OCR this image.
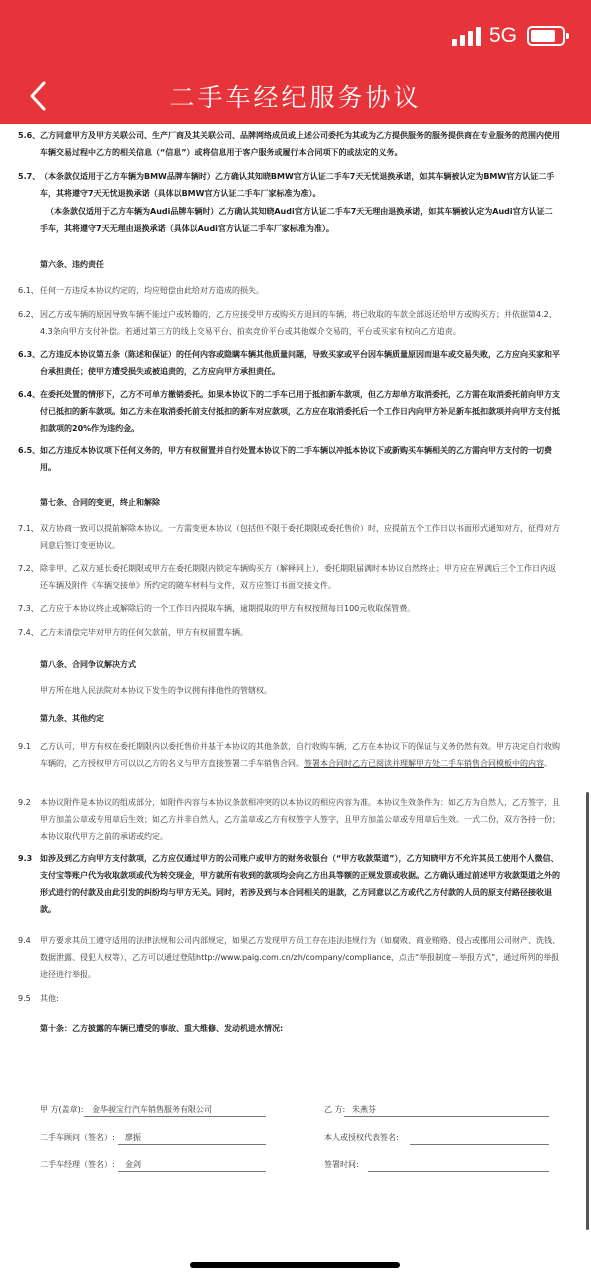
5G
二手车经纪服务协议
5.6、 乙方同意甲方及甲方关联公司、生产厂商及其关联公司、品牌网络成员或上述公司委托为其或为乙方提供服务的服务提供商在专业服务的范围内使用车辆交易过程中乙方的相关信息（“信息”）或将信息用于客户服务或履行本合同项下的或法定的义务。
5.7、 （本条款仅适用于乙方车辆为BMW品牌车辆时）乙方确认其知晓BMW官方认证二手车7天无忧退换承诺，如其车辆被认定为BMW官方认证二手车，其将遵守7天无忧退换承诺（具体以BMW官方认证二手车厂家标准为准）。
（本条款仅适用于乙方车辆为Audi品牌车辆时）乙方确认其知晓Audi官方认证二手车7天无理由退换承诺，如其车辆被认定为Audi官方认证二手车，其将遵守7天无理由退换承诺（具体以Audi官方认证二手车厂家标准为准）。
第六条、违约责任
6.1、 任何一方违反本协议约定的，均应赔偿由此给对方造成的损失。
6.2、 因乙方或车辆的原因导致车辆不能过户或转籍的，乙方应接受甲方或购买方退回的车辆，将已收取的车款全部返还给甲方或购买方；并依据第4.2、4.3条向甲方支付补偿。若通过第三方的线上交易平台、拍卖竞价平台或其他媒介交易的，平台或买家有权向乙方追责。
6.3、 乙方违反本协议第五条（陈述和保证）的任何内容或隐瞒车辆其他质量问题，导致买家或平台因车辆质量原因而退车或交易失败，乙方应向买家和平台承担责任；使甲方遭受损失或被追责的，乙方应向甲方承担责任。
6.4、 在委托处置的情形下，乙方不可单方撤销委托。如果本协议下的二手车已用于抵扣新车款项，但乙方却单方取消委托，乙方需在取消委托前向甲方支付已抵扣的新车款项。如乙方未在取消委托前支付抵扣的新车对应款项，乙方应在取消委托后一个工作日内向甲方补足新车抵扣款项并向甲方支付抵扣款项的20%作为违约金。
6.5、 如乙方违反本协议项下任何义务的，甲方有权留置并自行处置本协议下的二手车辆以冲抵本协议下或新购买车辆相关的乙方需向甲方支付的一切费用。
第七条、合同的变更，终止和解除
7.1、 双方协商一致可以提前解除本协议。一方需变更本协议（包括但不限于委托期限或委托售价）时，应提前五个工作日以书面形式通知对方，征得对方同意后签订变更协议。
7.2、 除非甲、乙双方延长委托期限或甲方在委托期限内锁定车辆购买方（解释同上），委托期限届满时本协议自然终止；甲方应在界满后三个工作日内返还车辆及附件《车辆交接单》所约定的随车材料与文件，双方应签订书面交接文件。
7.3、 乙方应于本协议终止或解除后的一个工作日内提取车辆，逾期提取的甲方有权按照每日100元收取保管费。
7.4、 乙方未清偿完毕对甲方的任何欠款前，甲方有权留置车辆。
第八条、合同争议解决方式
甲方所在地人民法院对本协议下发生的争议拥有排他性的管辖权。
第九条、其他约定
9.1 乙方认可，甲方有权在委托期限内以委托售价并基于本协议的其他条款，自行收购车辆，乙方在本协议下的保证与义务仍然有效。甲方决定自行收购车辆的，乙方授权甲方可以以乙方的名义与甲方直接签署二手车销售合同。签署本合同时乙方已阅读并理解甲方处二手车销售合同模板中的内容。
9.2 本协议附件是本协议的组成部分，如附件内容与本协议条款相冲突的以本协议的相应内容为准。本协议生效条件为：如乙方为自然人，乙方签字，且甲方加盖公章或专用章后生效；如乙方并非自然人，乙方盖章或乙方有权签字人签字，且甲方加盖公章或专用章后生效。一式二份，双方各持一份；本协议取代甲方之前的承诺或约定。
9.3 如涉及到乙方向甲方支付款项，乙方应仅通过甲方的公司账户或甲方的财务收银台（“甲方收款渠道”），乙方知晓甲方不允许其员工使用个人微信、支付宝等账户代为收取款项或代为转交现金，甲方就所有收到的款项均会向乙方出具等额的正规发票或收据。乙方确认通过前述甲方收款渠道之外的形式进行的付款及由此引发的纠纷均与甲方无关。同时，若涉及到与本合同相关的退款，乙方同意以乙方或代乙方付款的人员的原支付路径接收退款。
9.4 甲方要求其员工遵守适用的法律法规和公司内部规定，如果乙方发现甲方员工存在违法违规行为（如腐败、商业贿赂、侵占或挪用公司财产、洗钱、数据泄露、侵犯人权等），乙方可以通过登陆http://www.paig.com.cn/zh/company/compliance，点击“举报制度－举报方式”，通过所列的举报途径进行举报。
9.5 其他:
第十条：乙方披露的车辆已遭受的事故、重大维修、发动机进水情况:
甲 方(盖章): 金华骏宝行汽车销售服务有限公司	乙 方: 朱燕芬
二手车顾问（签名）: 廖振	本人或授权代表签名:
二手车经理（签名）: 金剑	签署时间:
